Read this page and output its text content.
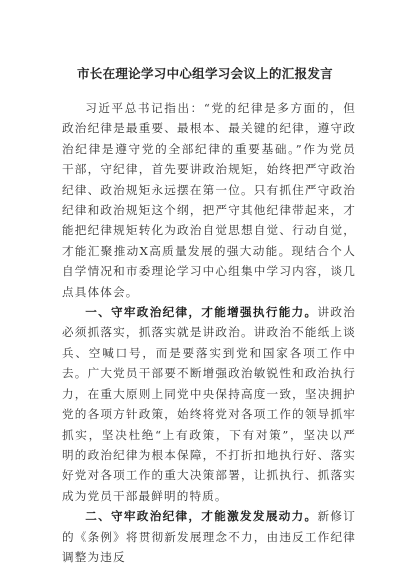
市长在理论学习中心组学习会议上的汇报发言

习近平总书记指出：“党的纪律是多方面的，但政治纪律是最重要、最根本、最关键的纪律，遵守政治纪律是遵守党的全部纪律的重要基础。”作为党员干部，守纪律，首先要讲政治规矩，始终把严守政治纪律、政治规矩永远摆在第一位。只有抓住严守政治纪律和政治规矩这个纲，把严守其他纪律带起来，才能把纪律规矩转化为政治自觉思想自觉、行动自觉，才能汇聚推动X高质量发展的强大动能。现结合个人自学情况和市委理论学习中心组集中学习内容，谈几点具体体会。

一、守牢政治纪律，才能增强执行能力。讲政治必须抓落实，抓落实就是讲政治。讲政治不能纸上谈兵、空喊口号，而是要落实到党和国家各项工作中去。广大党员干部要不断增强政治敏锐性和政治执行力，在重大原则上同党中央保持高度一致，坚决拥护党的各项方针政策，始终将党对各项工作的领导抓牢抓实，坚决杜绝“上有政策，下有对策”，坚决以严明的政治纪律为根本保障，不打折扣地执行好、落实好党对各项工作的重大决策部署，让抓执行、抓落实成为党员干部最鲜明的特质。

二、守牢政治纪律，才能激发发展动力。新修订的《条例》将贯彻新发展理念不力，由违反工作纪律调整为违反
